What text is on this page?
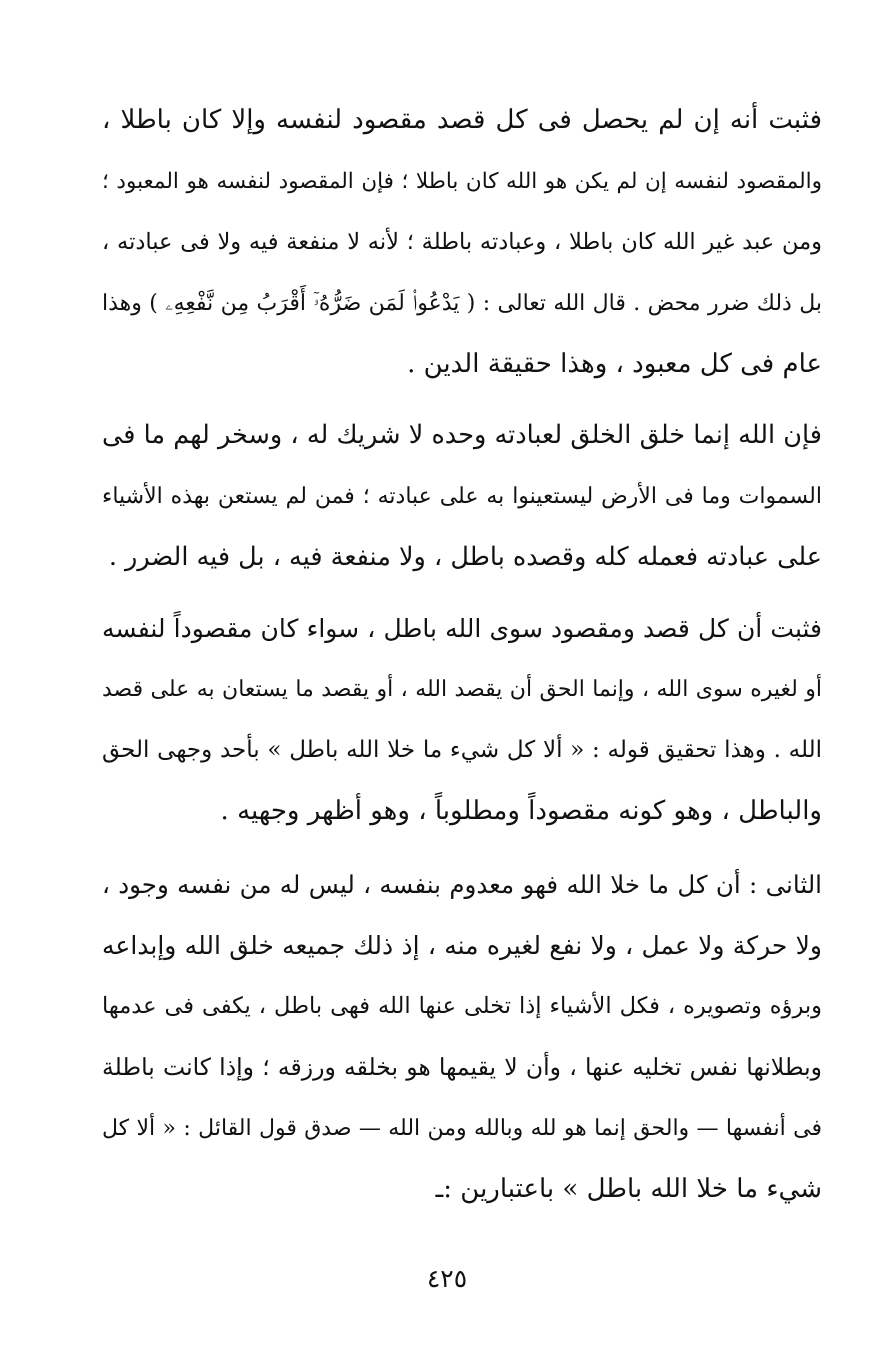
فثبت أنه إن لم يحصل فى كل قصد مقصود لنفسه وإلا كان باطلا ،
والمقصود لنفسه إن لم يكن هو الله كان باطلا ؛ فإن المقصود لنفسه هو المعبود ؛
ومن عبد غير الله كان باطلا ، وعبادته باطلة ؛ لأنه لا منفعة فيه ولا فى عبادته ،
بل ذلك ضرر محض . قال الله تعالى : ( يَدْعُوا۟ لَمَن ضَرُّهُۥٓ أَقْرَبُ مِن نَّفْعِهِۦ ) وهذا
عام فى كل معبود ، وهذا حقيقة الدين .
فإن الله إنما خلق الخلق لعبادته وحده لا شريك له ، وسخر لهم ما فى
السموات وما فى الأرض ليستعينوا به على عبادته ؛ فمن لم يستعن بهذه الأشياء
على عبادته فعمله كله وقصده باطل ، ولا منفعة فيه ، بل فيه الضرر .
فثبت أن كل قصد ومقصود سوى الله باطل ، سواء كان مقصوداً لنفسه
أو لغيره سوى الله ، وإنما الحق أن يقصد الله ، أو يقصد ما يستعان به على قصد
الله . وهذا تحقيق قوله : « ألا كل شيء ما خلا الله باطل » بأحد وجهى الحق
والباطل ، وهو كونه مقصوداً ومطلوباً ، وهو أظهر وجهيه .
الثانى : أن كل ما خلا الله فهو معدوم بنفسه ، ليس له من نفسه وجود ،
ولا حركة ولا عمل ، ولا نفع لغيره منه ، إذ ذلك جميعه خلق الله وإبداعه
وبرؤه وتصويره ، فكل الأشياء إذا تخلى عنها الله فهى باطل ، يكفى فى عدمها
وبطلانها نفس تخليه عنها ، وأن لا يقيمها هو بخلقه ورزقه ؛ وإذا كانت باطلة
فى أنفسها — والحق إنما هو لله وبالله ومن الله — صدق قول القائل : « ألا كل
شيء ما خلا الله باطل » باعتبارين :ـ
٤٢٥
